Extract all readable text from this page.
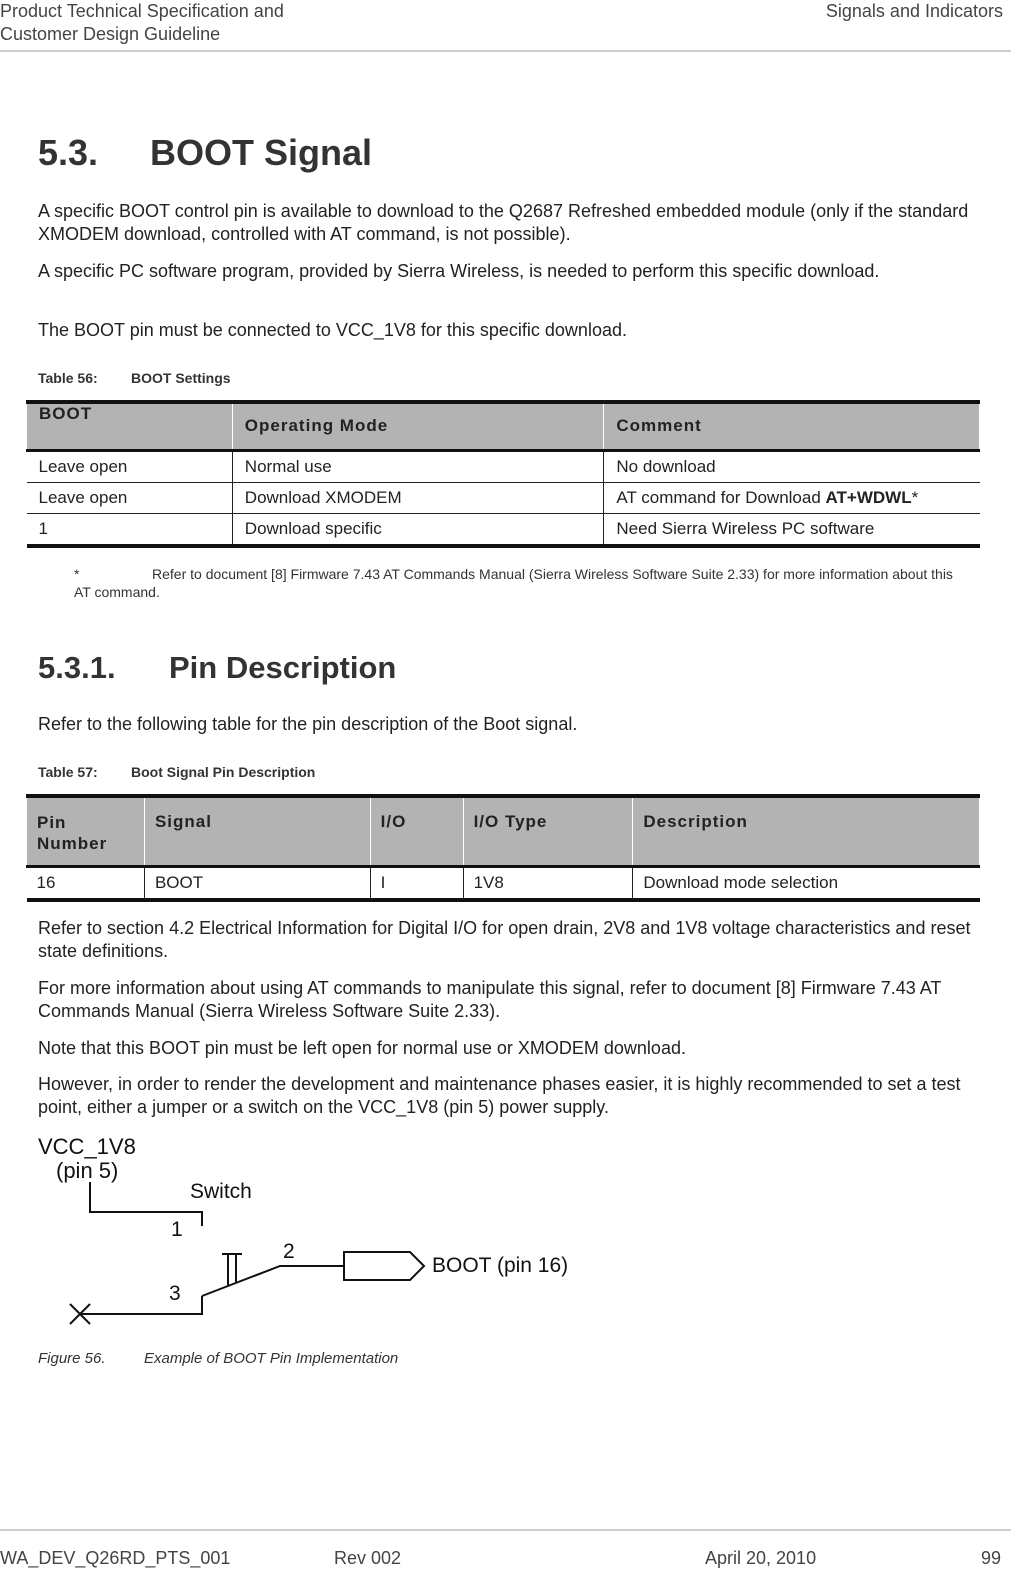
Product Technical Specification and
Customer Design Guideline
Signals and Indicators
5.3. BOOT Signal

A specific BOOT control pin is available to download to the Q2687 Refreshed embedded module (only if the standard XMODEM download, controlled with AT command, is not possible).

A specific PC software program, provided by Sierra Wireless, is needed to perform this specific download.

The BOOT pin must be connected to VCC_1V8 for this specific download.

Table 56: BOOT Settings
BOOT	Operating Mode	Comment
Leave open	Normal use	No download
Leave open	Download XMODEM	AT command for Download AT+WDWL*
1	Download specific	Need Sierra Wireless PC software
*	Refer to document [8] Firmware 7.43 AT Commands Manual (Sierra Wireless Software Suite 2.33) for more information about this AT command.
5.3.1. Pin Description

Refer to the following table for the pin description of the Boot signal.

Table 57: Boot Signal Pin Description
Pin Number	Signal	I/O	I/O Type	Description
16	BOOT	I	1V8	Download mode selection

Refer to section 4.2 Electrical Information for Digital I/O for open drain, 2V8 and 1V8 voltage characteristics and reset state definitions.

For more information about using AT commands to manipulate this signal, refer to document [8] Firmware 7.43 AT Commands Manual (Sierra Wireless Software Suite 2.33).

Note that this BOOT pin must be left open for normal use or XMODEM download.

However, in order to render the development and maintenance phases easier, it is highly recommended to set a test point, either a jumper or a switch on the VCC_1V8 (pin 5) power supply.

VCC_1V8
(pin 5)
Switch
1
2
3
BOOT (pin 16)
Figure 56.	Example of BOOT Pin Implementation
WA_DEV_Q26RD_PTS_001	Rev 002	April 20, 2010	99
